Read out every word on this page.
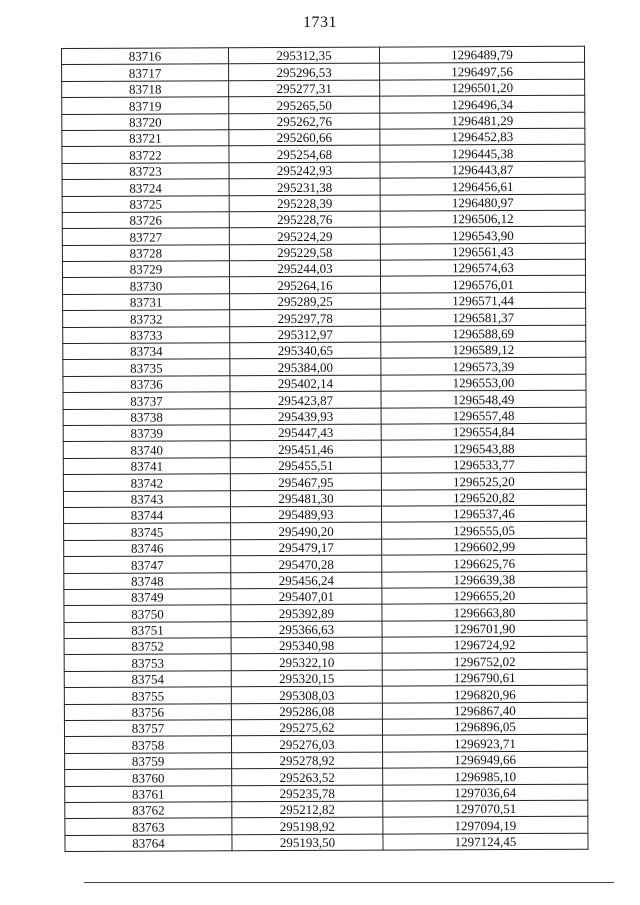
1731
83716	295312,35	1296489,79
83717	295296,53	1296497,56
83718	295277,31	1296501,20
83719	295265,50	1296496,34
83720	295262,76	1296481,29
83721	295260,66	1296452,83
83722	295254,68	1296445,38
83723	295242,93	1296443,87
83724	295231,38	1296456,61
83725	295228,39	1296480,97
83726	295228,76	1296506,12
83727	295224,29	1296543,90
83728	295229,58	1296561,43
83729	295244,03	1296574,63
83730	295264,16	1296576,01
83731	295289,25	1296571,44
83732	295297,78	1296581,37
83733	295312,97	1296588,69
83734	295340,65	1296589,12
83735	295384,00	1296573,39
83736	295402,14	1296553,00
83737	295423,87	1296548,49
83738	295439,93	1296557,48
83739	295447,43	1296554,84
83740	295451,46	1296543,88
83741	295455,51	1296533,77
83742	295467,95	1296525,20
83743	295481,30	1296520,82
83744	295489,93	1296537,46
83745	295490,20	1296555,05
83746	295479,17	1296602,99
83747	295470,28	1296625,76
83748	295456,24	1296639,38
83749	295407,01	1296655,20
83750	295392,89	1296663,80
83751	295366,63	1296701,90
83752	295340,98	1296724,92
83753	295322,10	1296752,02
83754	295320,15	1296790,61
83755	295308,03	1296820,96
83756	295286,08	1296867,40
83757	295275,62	1296896,05
83758	295276,03	1296923,71
83759	295278,92	1296949,66
83760	295263,52	1296985,10
83761	295235,78	1297036,64
83762	295212,82	1297070,51
83763	295198,92	1297094,19
83764	295193,50	1297124,45
